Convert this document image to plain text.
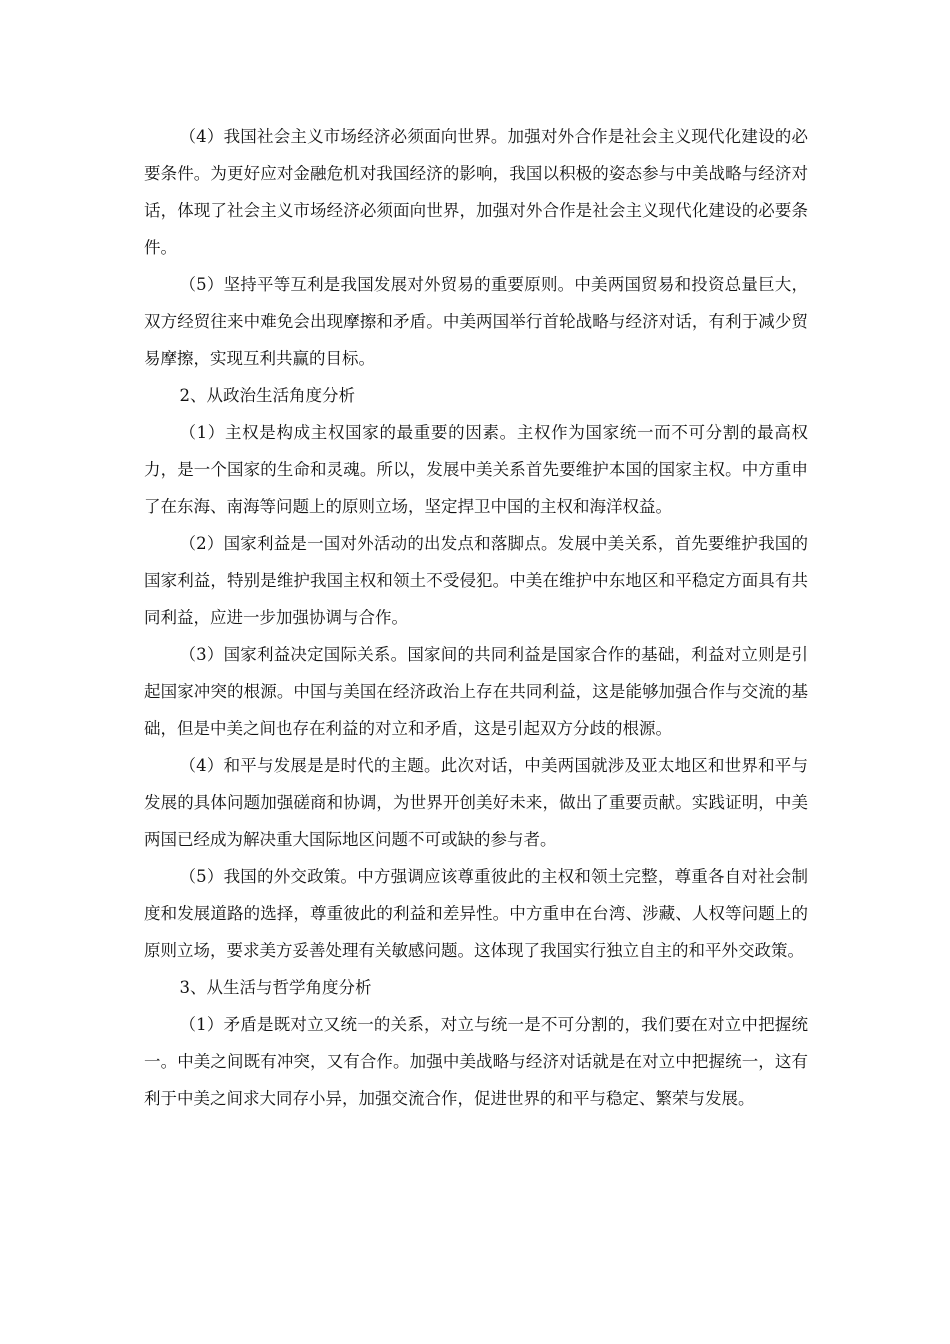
（4）我国社会主义市场经济必须面向世界。加强对外合作是社会主义现代化建设的必要条件。为更好应对金融危机对我国经济的影响，我国以积极的姿态参与中美战略与经济对话，体现了社会主义市场经济必须面向世界，加强对外合作是社会主义现代化建设的必要条件。

（5）坚持平等互利是我国发展对外贸易的重要原则。中美两国贸易和投资总量巨大，双方经贸往来中难免会出现摩擦和矛盾。中美两国举行首轮战略与经济对话，有利于减少贸易摩擦，实现互利共赢的目标。

2、从政治生活角度分析

（1）主权是构成主权国家的最重要的因素。主权作为国家统一而不可分割的最高权力，是一个国家的生命和灵魂。所以，发展中美关系首先要维护本国的国家主权。中方重申了在东海、南海等问题上的原则立场，坚定捍卫中国的主权和海洋权益。

（2）国家利益是一国对外活动的出发点和落脚点。发展中美关系，首先要维护我国的国家利益，特别是维护我国主权和领土不受侵犯。中美在维护中东地区和平稳定方面具有共同利益，应进一步加强协调与合作。

（3）国家利益决定国际关系。国家间的共同利益是国家合作的基础，利益对立则是引起国家冲突的根源。中国与美国在经济政治上存在共同利益，这是能够加强合作与交流的基础，但是中美之间也存在利益的对立和矛盾，这是引起双方分歧的根源。

（4）和平与发展是是时代的主题。此次对话，中美两国就涉及亚太地区和世界和平与发展的具体问题加强磋商和协调，为世界开创美好未来，做出了重要贡献。实践证明，中美两国已经成为解决重大国际地区问题不可或缺的参与者。

（5）我国的外交政策。中方强调应该尊重彼此的主权和领土完整，尊重各自对社会制度和发展道路的选择，尊重彼此的利益和差异性。中方重申在台湾、涉藏、人权等问题上的原则立场，要求美方妥善处理有关敏感问题。这体现了我国实行独立自主的和平外交政策。

3、从生活与哲学角度分析

（1）矛盾是既对立又统一的关系，对立与统一是不可分割的，我们要在对立中把握统一。中美之间既有冲突，又有合作。加强中美战略与经济对话就是在对立中把握统一，这有利于中美之间求大同存小异，加强交流合作，促进世界的和平与稳定、繁荣与发展。
